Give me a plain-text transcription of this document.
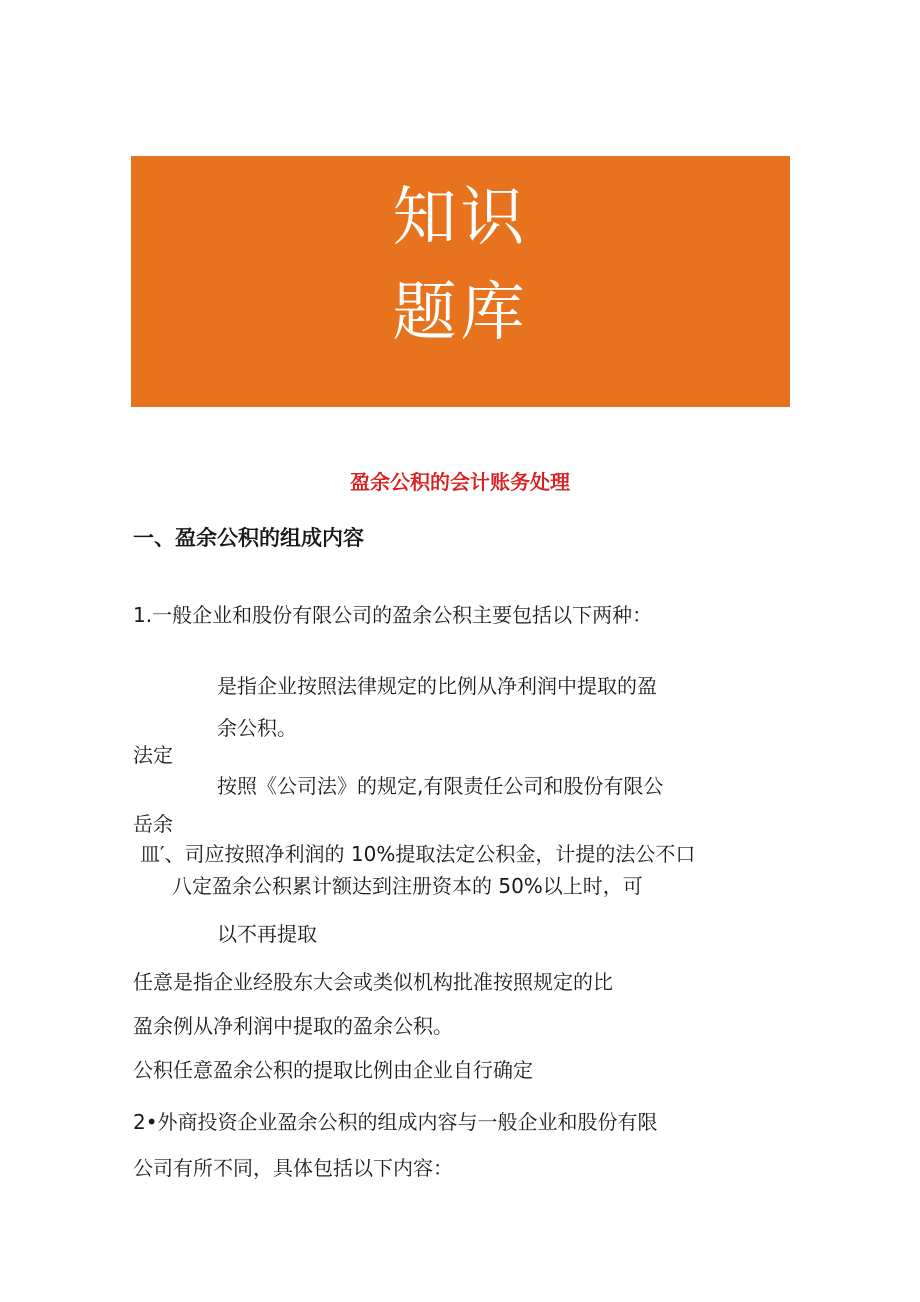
知识
题库
盈余公积的会计账务处理
一、盈余公积的组成内容
1.一般企业和股份有限公司的盈余公积主要包括以下两种：
是指企业按照法律规定的比例从净利润中提取的盈
余公积。
法定
按照《公司法》的规定,有限责任公司和股份有限公
岳余
皿′、司应按照净利润的 10%提取法定公积金，计提的法公不口
八定盈余公积累计额达到注册资本的 50%以上时，可
以不再提取
任意是指企业经股东大会或类似机构批准按照规定的比
盈余例从净利润中提取的盈余公积。
公积任意盈余公积的提取比例由企业自行确定
2•外商投资企业盈余公积的组成内容与一般企业和股份有限
公司有所不同，具体包括以下内容：
